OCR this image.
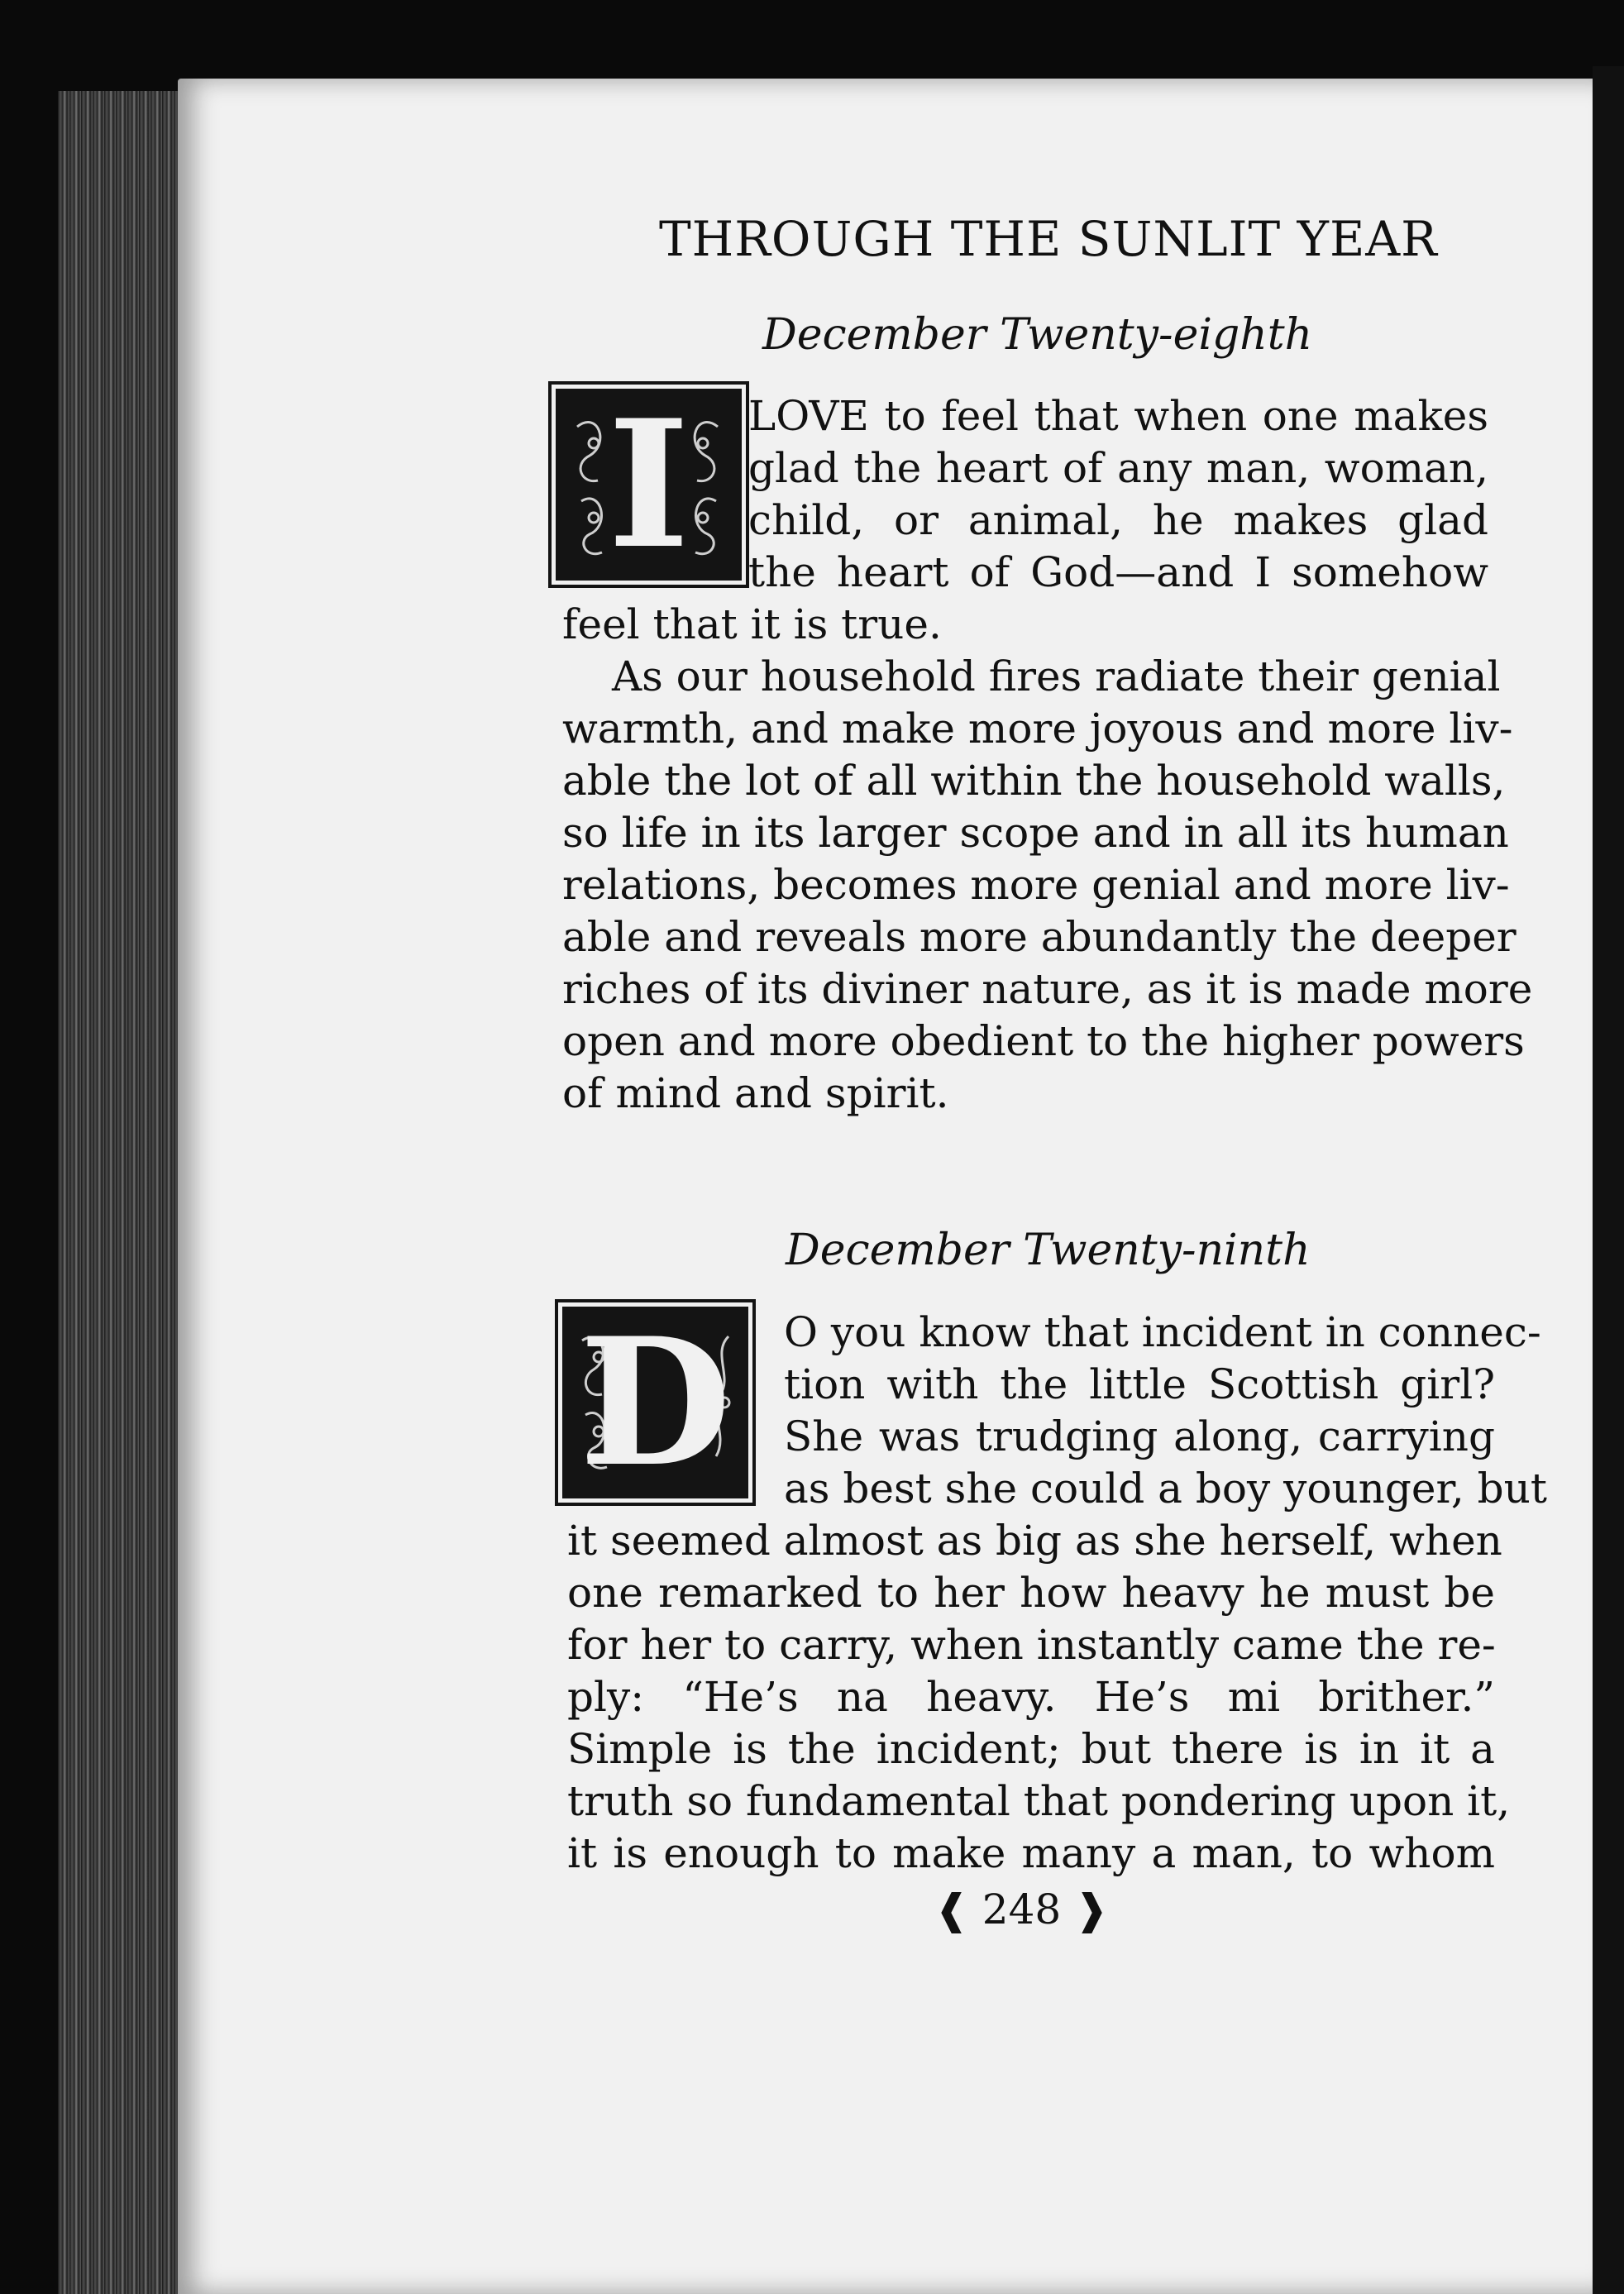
THROUGH THE SUNLIT YEAR
December Twenty-eighth
I	LOVE to feel that when one makes
glad the heart of any man, woman,
child, or animal, he makes glad
the heart of God—and I somehow
feel that it is true.
As our household fires radiate their genial
warmth, and make more joyous and more liv-
able the lot of all within the household walls,
so life in its larger scope and in all its human
relations, becomes more genial and more liv-
able and reveals more abundantly the deeper
riches of its diviner nature, as it is made more
open and more obedient to the higher powers
of mind and spirit.
December Twenty-ninth
D O you know that incident in connec-
tion with the little Scottish girl?
She was trudging along, carrying
as best she could a boy younger, but
it seemed almost as big as she herself, when
one remarked to her how heavy he must be
for her to carry, when instantly came the re-
ply: “He’s na heavy. He’s mi brither.”
Simple is the incident; but there is in it a
truth so fundamental that pondering upon it,
it is enough to make many a man, to whom
❰ 248 ❱
